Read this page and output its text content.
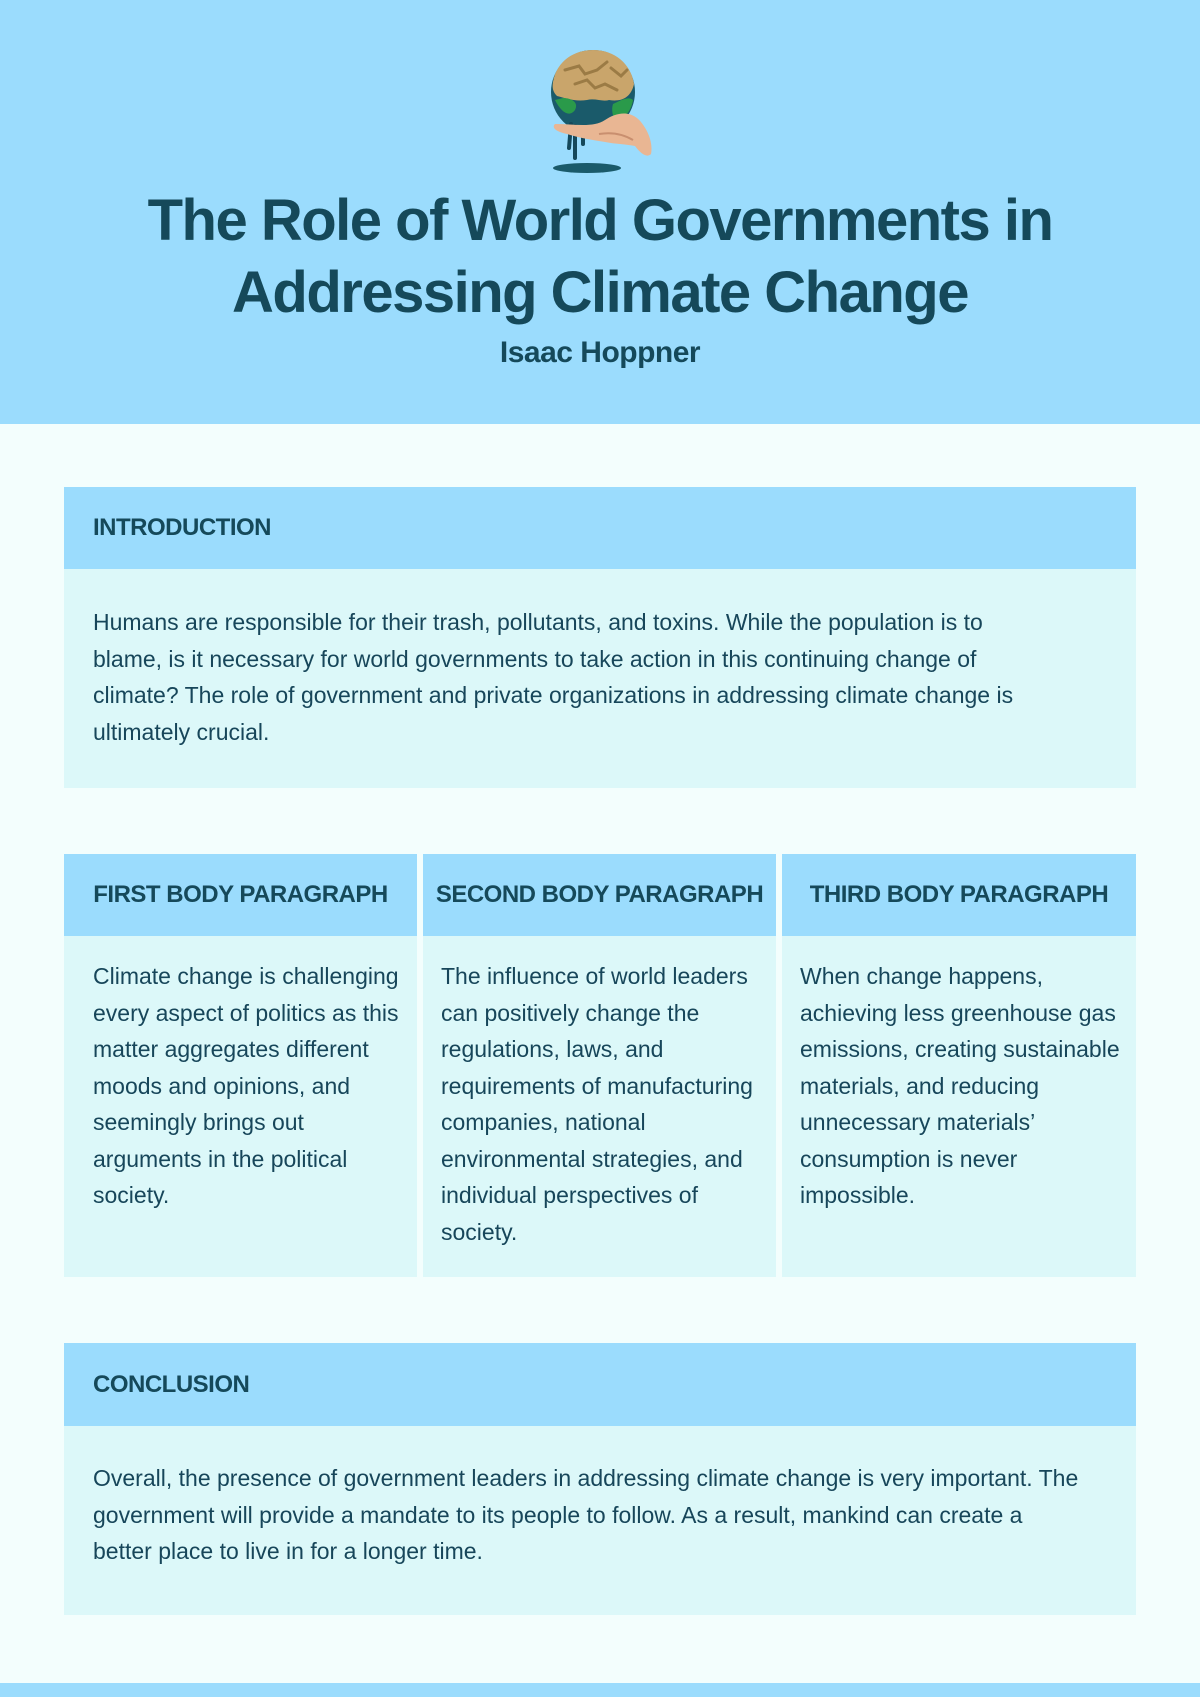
The Role of World Governments in
Addressing Climate Change
Isaac Hoppner
INTRODUCTION
Humans are responsible for their trash, pollutants, and toxins. While the population is to blame, is it necessary for world governments to take action in this continuing change of climate? The role of government and private organizations in addressing climate change is ultimately crucial.
FIRST BODY PARAGRAPH
Climate change is challenging every aspect of politics as this matter aggregates different moods and opinions, and seemingly brings out arguments in the political society.
SECOND BODY PARAGRAPH
The influence of world leaders can positively change the regulations, laws, and requirements of manufacturing companies, national environmental strategies, and individual perspectives of society.
THIRD BODY PARAGRAPH
When change happens, achieving less greenhouse gas emissions, creating sustainable materials, and reducing unnecessary materials’ consumption is never impossible.
CONCLUSION
Overall, the presence of government leaders in addressing climate change is very important. The government will provide a mandate to its people to follow. As a result, mankind can create a better place to live in for a longer time.
